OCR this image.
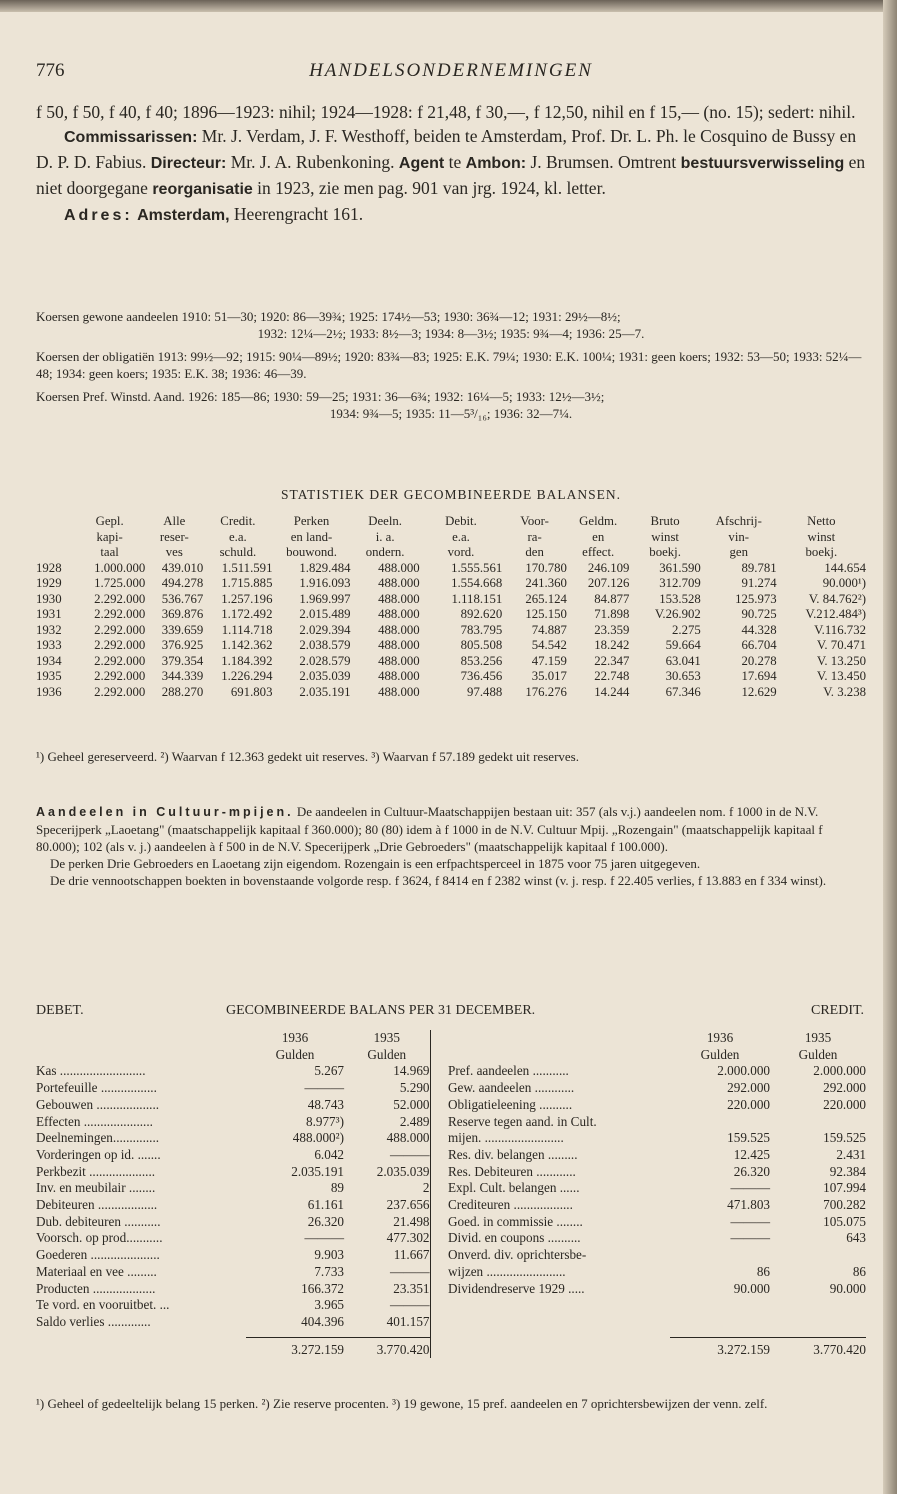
776	HANDELSONDERNEMINGEN

f 50, f 50, f 40, f 40; 1896—1923: nihil; 1924—1928: f 21,48, f 30,—, f 12,50, nihil en f 15,— (no. 15); sedert: nihil.

Commissarissen: Mr. J. Verdam, J. F. Westhoff, beiden te Amsterdam, Prof. Dr. L. Ph. le Cosquino de Bussy en D. P. D. Fabius. Directeur: Mr. J. A. Rubenkoning. Agent te Ambon: J. Brumsen. Omtrent bestuursverwisseling en niet doorgegane reorganisatie in 1923, zie men pag. 901 van jrg. 1924, kl. letter.

Adres: Amsterdam, Heerengracht 161.

Koersen gewone aandeelen 1910: 51—30; 1920: 86—39¾; 1925: 174½—53; 1930: 36¾—12; 1931: 29½—8½;

1932: 12¼—2½; 1933: 8½—3; 1934: 8—3½; 1935: 9¾—4; 1936: 25—7.

Koersen der obligatiën 1913: 99½—92; 1915: 90¼—89½; 1920: 83¾—83; 1925: E.K. 79¼; 1930: E.K. 100¼; 1931: geen koers; 1932: 53—50; 1933: 52¼—48; 1934: geen koers; 1935: E.K. 38; 1936: 46—39.

Koersen Pref. Winstd. Aand. 1926: 185—86; 1930: 59—25; 1931: 36—6¾; 1932: 16¼—5; 1933: 12½—3½;

1934: 9¾—5; 1935: 11—5³/₁₆; 1936: 32—7¼.

STATISTIEK DER GECOMBINEERDE BALANSEN.
	Gepl.	Alle	Credit.	Perken	Deeln.	Debit.	Voor-	Geldm.	Bruto	Afschrij-	Netto
	kapi-	reser-	e.a.	en land-	i. a.	e.a.	ra-	en	winst	vin-	winst
	taal	ves	schuld.	bouwond.	ondern.	vord.	den	effect.	boekj.	gen	boekj.
1928	1.000.000	439.010	1.511.591	1.829.484	488.000	1.555.561	170.780	246.109	361.590	89.781	144.654
1929	1.725.000	494.278	1.715.885	1.916.093	488.000	1.554.668	241.360	207.126	312.709	91.274	90.000¹)
1930	2.292.000	536.767	1.257.196	1.969.997	488.000	1.118.151	265.124	84.877	153.528	125.973	V. 84.762²)
1931	2.292.000	369.876	1.172.492	2.015.489	488.000	892.620	125.150	71.898	V.26.902	90.725	V.212.484³)
1932	2.292.000	339.659	1.114.718	2.029.394	488.000	783.795	74.887	23.359	2.275	44.328	V.116.732
1933	2.292.000	376.925	1.142.362	2.038.579	488.000	805.508	54.542	18.242	59.664	66.704	V. 70.471
1934	2.292.000	379.354	1.184.392	2.028.579	488.000	853.256	47.159	22.347	63.041	20.278	V. 13.250
1935	2.292.000	344.339	1.226.294	2.035.039	488.000	736.456	35.017	22.748	30.653	17.694	V. 13.450
1936	2.292.000	288.270	691.803	2.035.191	488.000	97.488	176.276	14.244	67.346	12.629	V. 3.238

¹) Geheel gereserveerd. ²) Waarvan f 12.363 gedekt uit reserves. ³) Waarvan f 57.189 gedekt uit reserves.

Aandeelen in Cultuur-mpijen. De aandeelen in Cultuur-Maatschappijen bestaan uit: 357 (als v.j.) aandeelen nom. f 1000 in de N.V. Specerijperk „Laoetang" (maatschappelijk kapitaal f 360.000); 80 (80) idem à f 1000 in de N.V. Cultuur Mpij. „Rozengain" (maatschappelijk kapitaal f 80.000); 102 (als v. j.) aandeelen à f 500 in de N.V. Specerijperk „Drie Gebroeders" (maatschappelijk kapitaal f 100.000).

De perken Drie Gebroeders en Laoetang zijn eigendom. Rozengain is een erfpachtsperceel in 1875 voor 75 jaren uitgegeven.

De drie vennootschappen boekten in bovenstaande volgorde resp. f 3624, f 8414 en f 2382 winst (v. j. resp. f 22.405 verlies, f 13.883 en f 334 winst).

DEBET.	GECOMBINEERDE BALANS PER 31 DECEMBER.	CREDIT.
	1936	1935			1936	1935
	Gulden	Gulden			Gulden	Gulden
Kas ..........................	5.267	14.969		Pref. aandeelen ...........	2.000.000	2.000.000
Portefeuille .................	———	5.290		Gew. aandeelen ............	292.000	292.000
Gebouwen ...................	48.743	52.000		Obligatieleening ..........	220.000	220.000
Effecten .....................	8.977³)	2.489		Reserve tegen aand. in Cult.		
Deelnemingen..............	488.000²)	488.000		mijen. ........................	159.525	159.525
Vorderingen op id. .......	6.042	———		Res. div. belangen .........	12.425	2.431
Perkbezit ....................	2.035.191	2.035.039		Res. Debiteuren ............	26.320	92.384
Inv. en meubilair ........	89	2		Expl. Cult. belangen ......	———	107.994
Debiteuren ..................	61.161	237.656		Crediteuren ..................	471.803	700.282
Dub. debiteuren ...........	26.320	21.498		Goed. in commissie ........	———	105.075
Voorsch. op prod...........	———	477.302		Divid. en coupons ..........	———	643
Goederen .....................	9.903	11.667		Onverd. div. oprichtersbe-		
Materiaal en vee .........	7.733	———		wijzen ........................	86	86
Producten ...................	166.372	23.351		Dividendreserve 1929 .....	90.000	90.000
Te vord. en vooruitbet. ...	3.965	———				
Saldo verlies .............	404.396	401.157				

	3.272.159	3.770.420			3.272.159	3.770.420

¹) Geheel of gedeeltelijk belang 15 perken. ²) Zie reserve procenten. ³) 19 gewone, 15 pref. aandeelen en 7 oprichtersbewijzen der venn. zelf.
